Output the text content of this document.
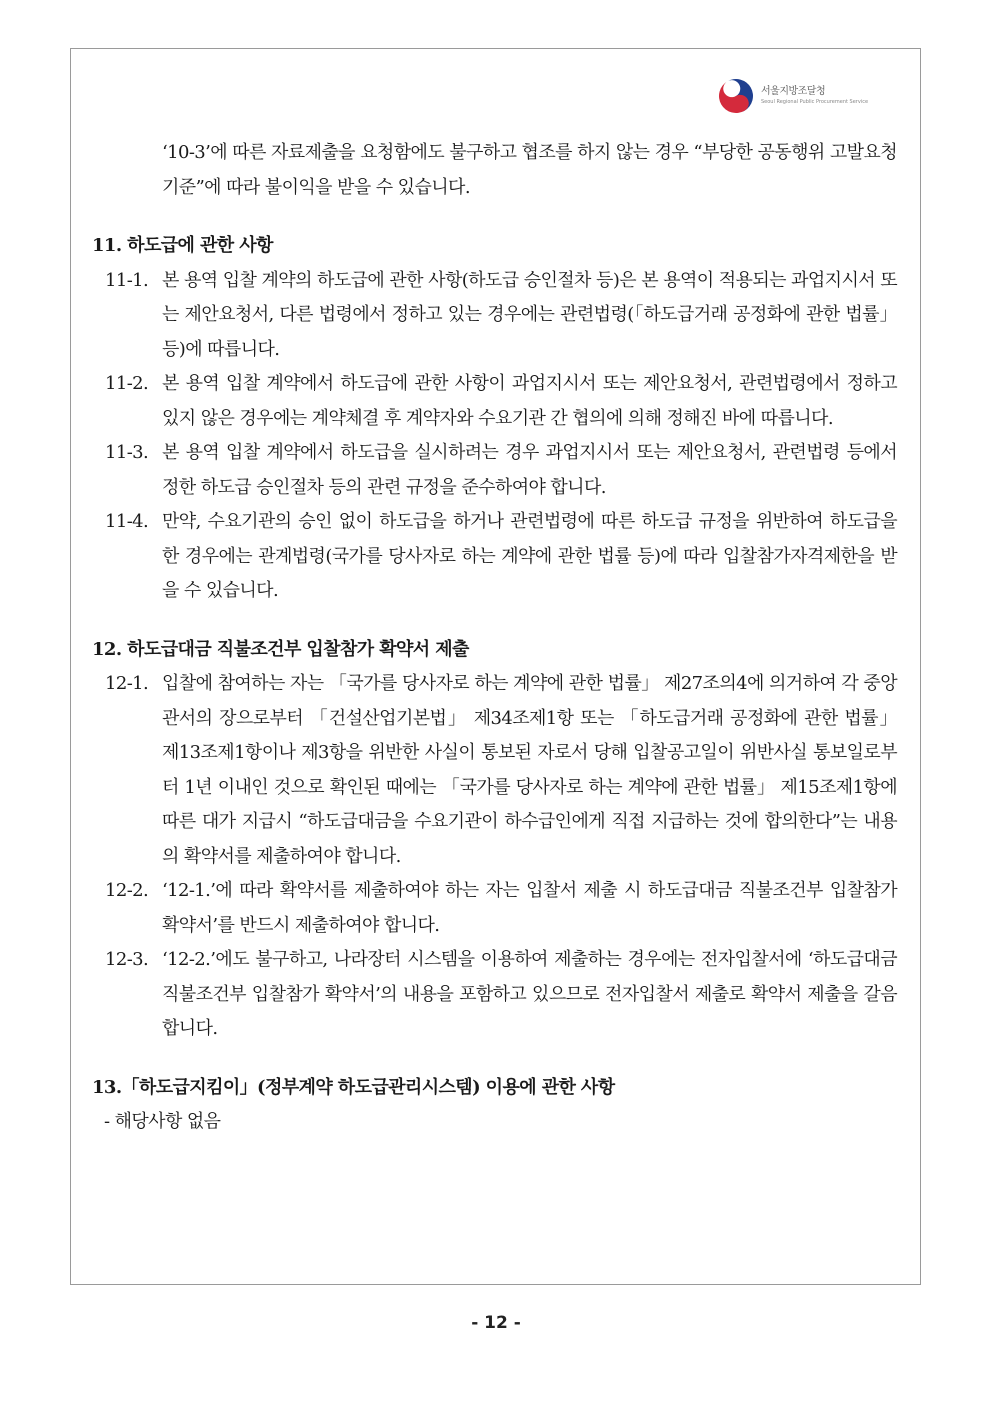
서울지방조달청
Seoul Regional Public Procurement Service

‘10-3’에 따른 자료제출을 요청함에도 불구하고 협조를 하지 않는 경우 “부당한 공동행위 고발요청 기준”에 따라 불이익을 받을 수 있습니다.

11. 하도급에 관한 사항

11-1. 본 용역 입찰 계약의 하도급에 관한 사항(하도급 승인절차 등)은 본 용역이 적용되는 과업지시서 또는 제안요청서, 다른 법령에서 정하고 있는 경우에는 관련법령(「하도급거래 공정화에 관한 법률」 등)에 따릅니다.

11-2. 본 용역 입찰 계약에서 하도급에 관한 사항이 과업지시서 또는 제안요청서, 관련법령에서 정하고 있지 않은 경우에는 계약체결 후 계약자와 수요기관 간 협의에 의해 정해진 바에 따릅니다.

11-3. 본 용역 입찰 계약에서 하도급을 실시하려는 경우 과업지시서 또는 제안요청서, 관련법령 등에서 정한 하도급 승인절차 등의 관련 규정을 준수하여야 합니다.

11-4. 만약, 수요기관의 승인 없이 하도급을 하거나 관련법령에 따른 하도급 규정을 위반하여 하도급을 한 경우에는 관계법령(국가를 당사자로 하는 계약에 관한 법률 등)에 따라 입찰참가자격제한을 받을 수 있습니다.

12. 하도급대금 직불조건부 입찰참가 확약서 제출

12-1. 입찰에 참여하는 자는 「국가를 당사자로 하는 계약에 관한 법률」 제27조의4에 의거하여 각 중앙관서의 장으로부터 「건설산업기본법」 제34조제1항 또는 「하도급거래 공정화에 관한 법률」 제13조제1항이나 제3항을 위반한 사실이 통보된 자로서 당해 입찰공고일이 위반사실 통보일로부터 1년 이내인 것으로 확인된 때에는 「국가를 당사자로 하는 계약에 관한 법률」 제15조제1항에 따른 대가 지급시 “하도급대금을 수요기관이 하수급인에게 직접 지급하는 것에 합의한다”는 내용의 확약서를 제출하여야 합니다.

12-2. ‘12-1.’에 따라 확약서를 제출하여야 하는 자는 입찰서 제출 시 하도급대금 직불조건부 입찰참가 확약서’를 반드시 제출하여야 합니다.

12-3. ‘12-2.’에도 불구하고, 나라장터 시스템을 이용하여 제출하는 경우에는 전자입찰서에 ‘하도급대금 직불조건부 입찰참가 확약서’의 내용을 포함하고 있으므로 전자입찰서 제출로 확약서 제출을 갈음합니다.

13.「하도급지킴이」(정부계약 하도급관리시스템) 이용에 관한 사항

- 해당사항 없음

- 12 -
